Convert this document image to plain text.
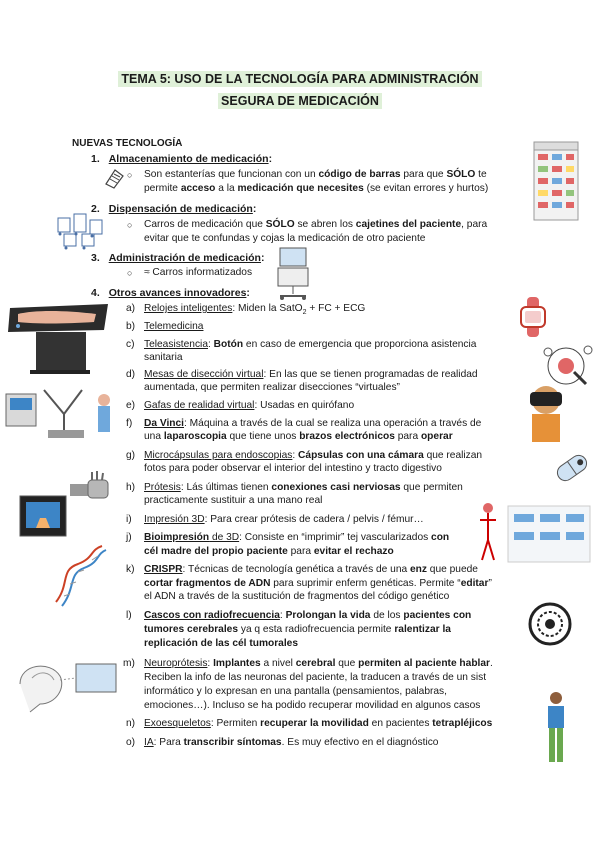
TEMA 5: USO DE LA TECNOLOGÍA PARA ADMINISTRACIÓN
SEGURA DE MEDICACIÓN
NUEVAS TECNOLOGÍA
1. Almacenamiento de medicación:
○ Son estanterías que funcionan con un código de barras para que SÓLO te
permite acceso a la medicación que necesites (se evitan errores y hurtos)
2. Dispensación de medicación:
○ Carros de medicación que SÓLO se abren los cajetines del paciente, para
evitar que te confundas y cojas la medicación de otro paciente
3. Administración de medicación:
○ ≈ Carros informatizados
4. Otros avances innovadores:
a) Relojes inteligentes: Miden la SatO$_2$ + FC + ECG
b) Telemedicina
c) Teleasistencia: Botón en caso de emergencia que proporciona asistencia
sanitaria
d) Mesas de disección virtual: En las que se tienen programadas de realidad
aumentada, que permiten realizar disecciones “virtuales”
e) Gafas de realidad virtual: Usadas en quirófano
f) Da Vinci: Máquina a través de la cual se realiza una operación a través de
una laparoscopia que tiene unos brazos electrónicos para operar
g) Microcápsulas para endoscopias: Cápsulas con una cámara que realizan
fotos para poder observar el interior del intestino y tracto digestivo
h) Prótesis: Lás últimas tienen conexiones casi nerviosas que permiten
practicamente sustituir a una mano real
i) Impresión 3D: Para crear prótesis de cadera / pelvis / fémur…
j) Bioimpresión de 3D: Consiste en “imprimir” tej vascularizados con
cél madre del propio paciente para evitar el rechazo
k) CRISPR: Técnicas de tecnología genética a través de una enz que puede
cortar fragmentos de ADN para suprimir enferm genéticas. Permite “editar”
el ADN a través de la sustitución de fragmentos del código genético
l) Cascos con radiofrecuencia: Prolongan la vida de los pacientes con
tumores cerebrales ya q esta radiofrecuencia permite ralentizar la
replicación de las cél tumorales
m) Neuroprótesis: Implantes a nivel cerebral que permiten al paciente hablar.
Reciben la info de las neuronas del paciente, la traducen a través de un sist
informático y lo expresan en una pantalla (pensamientos, palabras,
emociones…). Incluso se ha podido recuperar movilidad en algunos casos
n) Exoesqueletos: Permiten recuperar la movilidad en pacientes tetrapléjicos
o) IA: Para transcribir síntomas. Es muy efectivo en el diagnóstico
